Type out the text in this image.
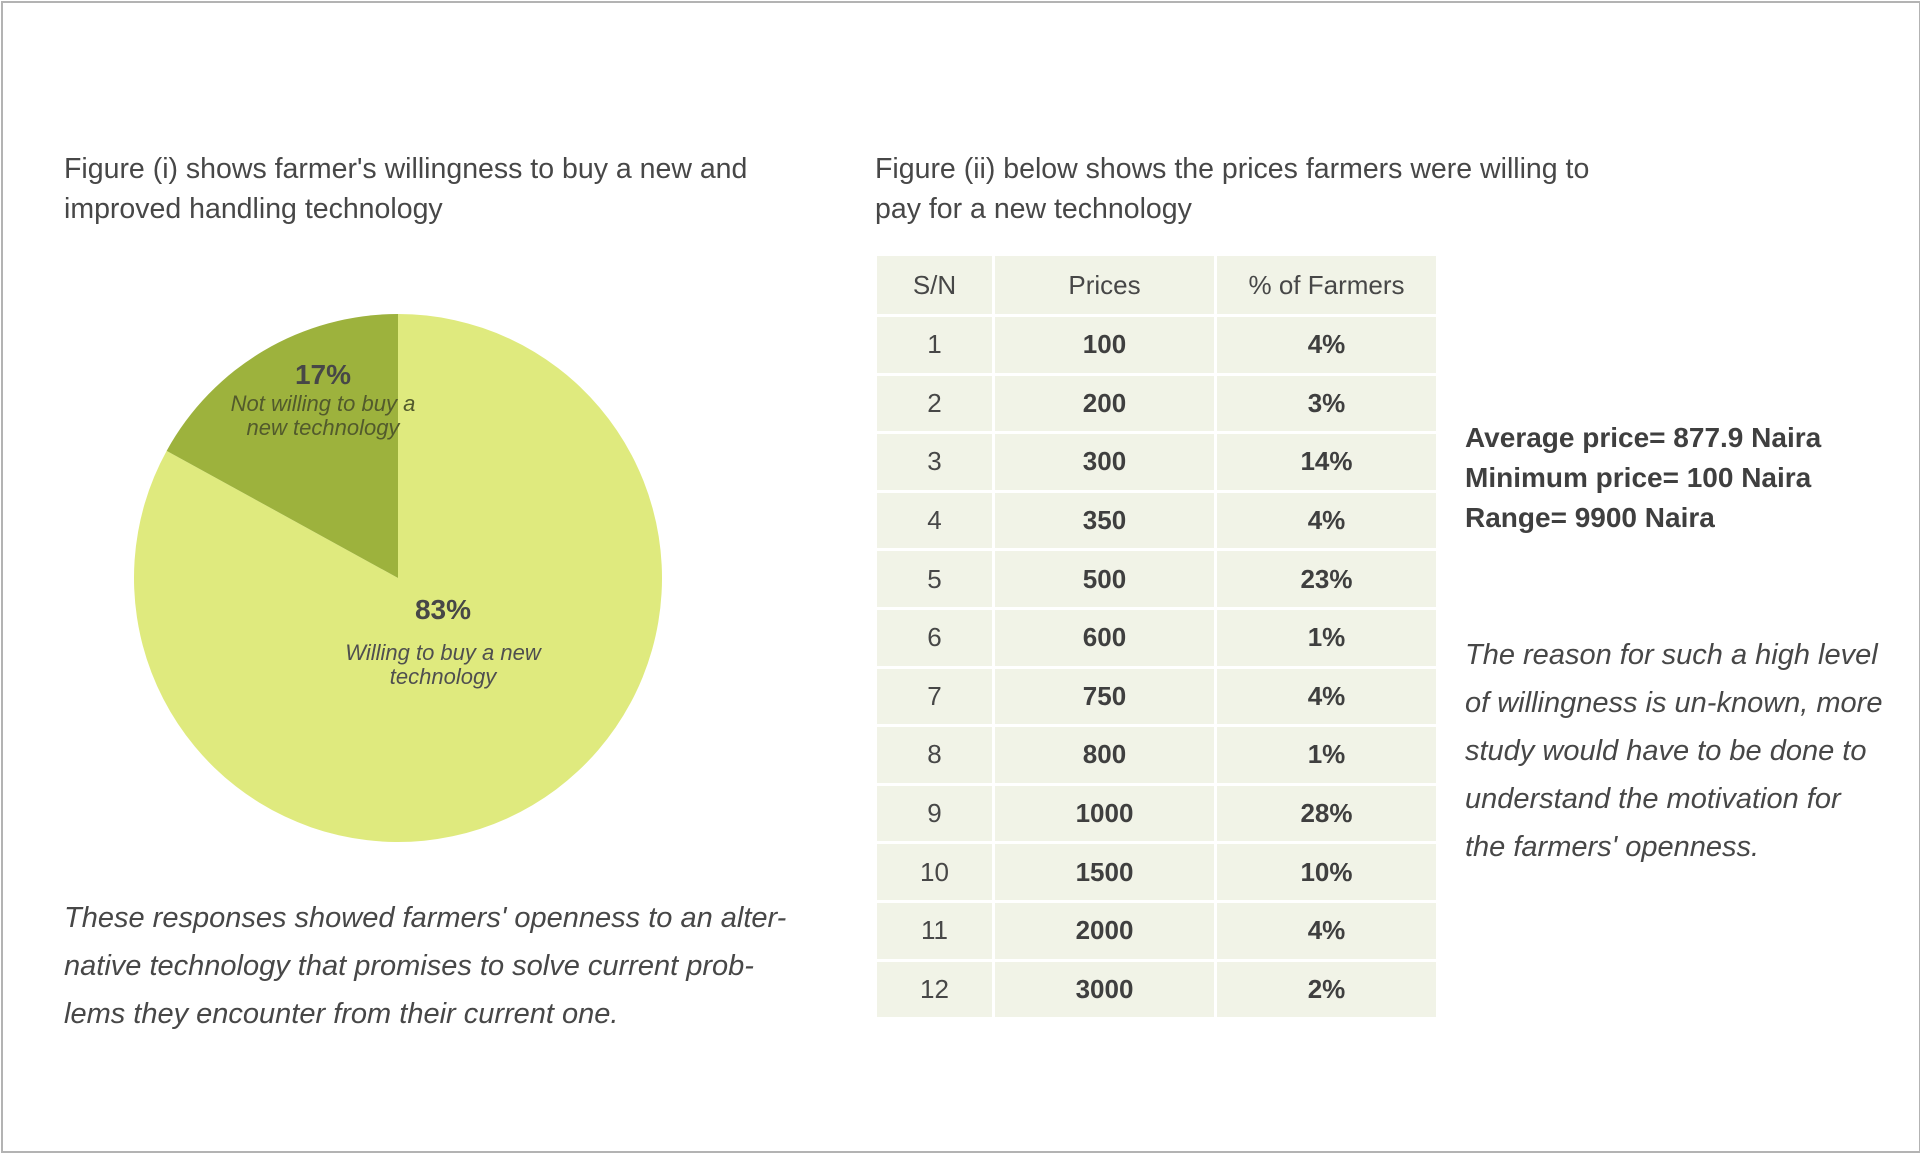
Figure (i) shows farmer's willingness to buy a new and improved handling technology

17%
Not willing to buy a new technology
83%
Willing to buy a new technology

These responses showed farmers' openness to an alter-native technology that promises to solve current prob-lems they encounter from their current one.

Figure (ii) below shows the prices farmers were willing to pay for a new technology

S/N	Prices	% of Farmers
1	100	4%
2	200	3%
3	300	14%
4	350	4%
5	500	23%
6	600	1%
7	750	4%
8	800	1%
9	1000	28%
10	1500	10%
11	2000	4%
12	3000	2%
Average price= 877.9 Naira
Minimum price= 100 Naira
Range= 9900 Naira

The reason for such a high level of willingness is un-known, more study would have to be done to understand the motivation for the farmers' openness.
